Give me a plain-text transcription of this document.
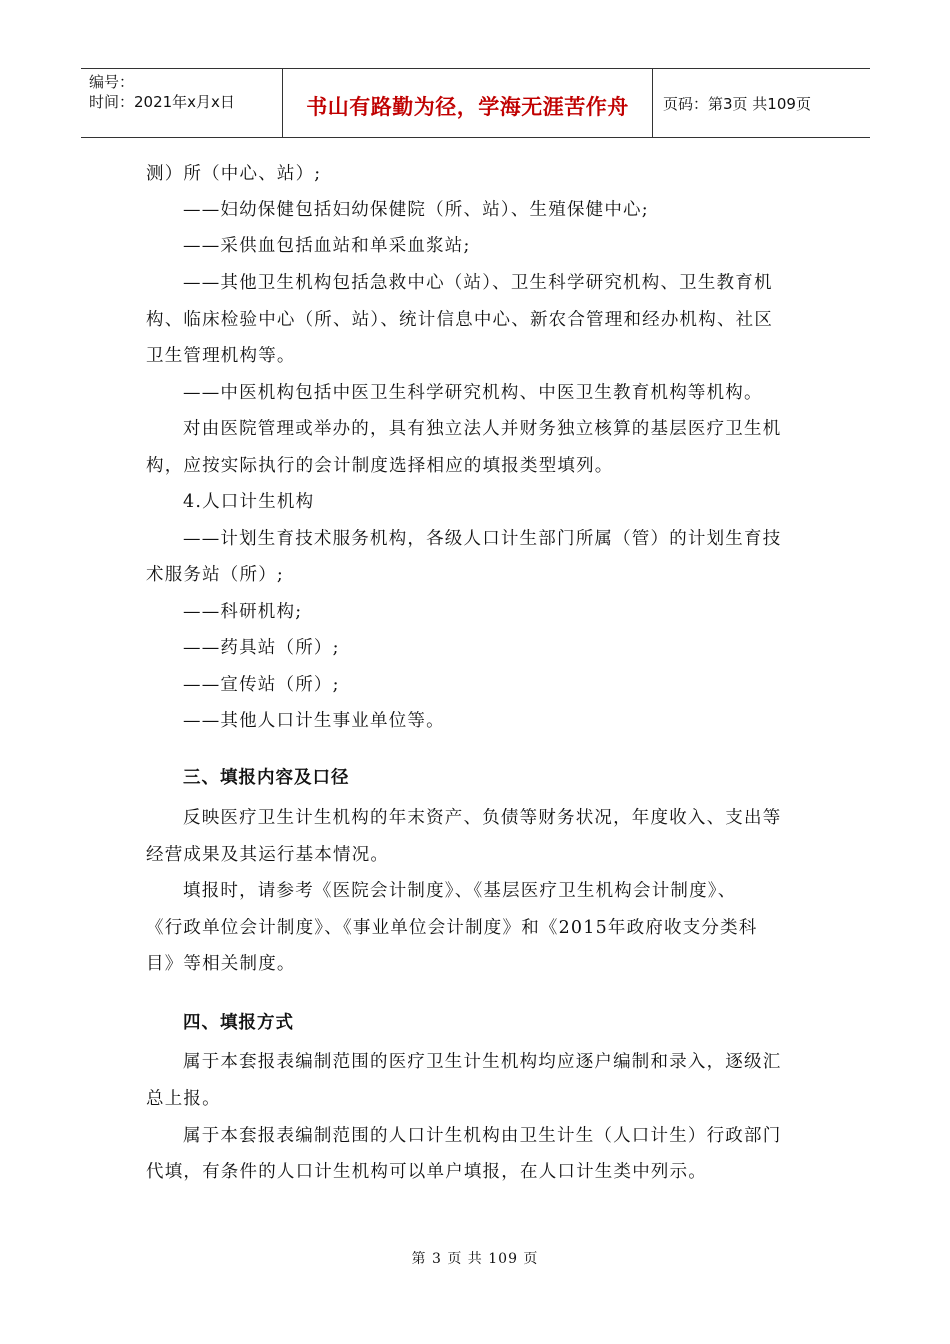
编号：
时间：2021年x月x日	书山有路勤为径，学海无涯苦作舟	页码：第3页 共109页
测）所（中心、站）;
——妇幼保健包括妇幼保健院（所、站）、生殖保健中心;
——采供血包括血站和单采血浆站;
——其他卫生机构包括急救中心（站）、卫生科学研究机构、卫生教育机
构、临床检验中心（所、站）、统计信息中心、新农合管理和经办机构、社区
卫生管理机构等。
——中医机构包括中医卫生科学研究机构、中医卫生教育机构等机构。
对由医院管理或举办的，具有独立法人并财务独立核算的基层医疗卫生机
构，应按实际执行的会计制度选择相应的填报类型填列。
4.人口计生机构
——计划生育技术服务机构，各级人口计生部门所属（管）的计划生育技
术服务站（所）;
——科研机构;
——药具站（所）;
——宣传站（所）;
——其他人口计生事业单位等。
三、填报内容及口径
反映医疗卫生计生机构的年末资产、负债等财务状况，年度收入、支出等
经营成果及其运行基本情况。
填报时，请参考《医院会计制度》、《基层医疗卫生机构会计制度》、
《行政单位会计制度》、《事业单位会计制度》和《2015年政府收支分类科
目》等相关制度。
四、填报方式
属于本套报表编制范围的医疗卫生计生机构均应逐户编制和录入，逐级汇
总上报。
属于本套报表编制范围的人口计生机构由卫生计生（人口计生）行政部门
代填，有条件的人口计生机构可以单户填报，在人口计生类中列示。
第 3 页 共 109 页
